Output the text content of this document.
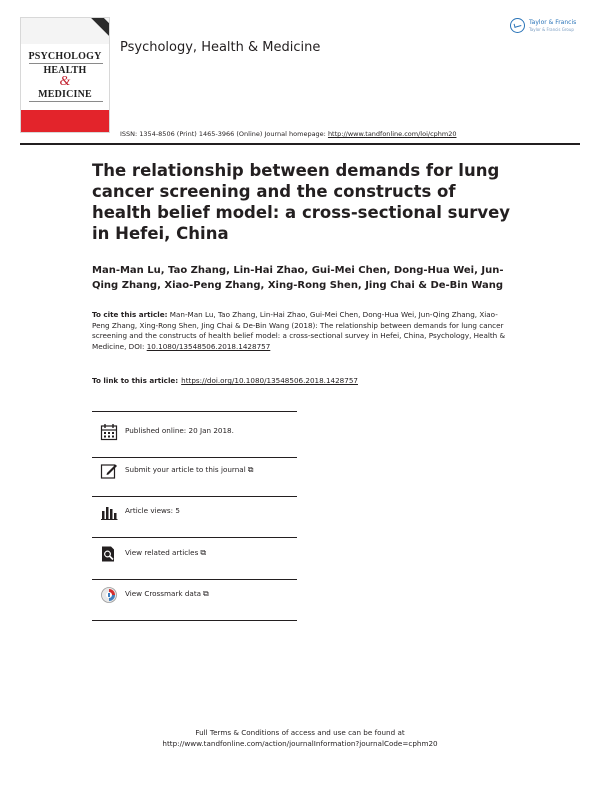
PSYCHOLOGY
HEALTH
&
MEDICINE
Psychology, Health & Medicine
Taylor & Francis
Taylor & Francis Group
ISSN: 1354-8506 (Print) 1465-3966 (Online) Journal homepage: http://www.tandfonline.com/loi/cphm20
The relationship between demands for lung cancer screening and the constructs of health belief model: a cross-sectional survey in Hefei, China
Man-Man Lu, Tao Zhang, Lin-Hai Zhao, Gui-Mei Chen, Dong-Hua Wei, Jun-Qing Zhang, Xiao-Peng Zhang, Xing-Rong Shen, Jing Chai & De-Bin Wang
To cite this article: Man-Man Lu, Tao Zhang, Lin-Hai Zhao, Gui-Mei Chen, Dong-Hua Wei, Jun-Qing Zhang, Xiao-Peng Zhang, Xing-Rong Shen, Jing Chai & De-Bin Wang (2018): The relationship between demands for lung cancer screening and the constructs of health belief model: a cross-sectional survey in Hefei, China, Psychology, Health & Medicine, DOI: 10.1080/13548506.2018.1428757
To link to this article: https://doi.org/10.1080/13548506.2018.1428757
Published online: 20 Jan 2018.
Submit your article to this journal ⧉
Article views: 5
View related articles ⧉
View Crossmark data ⧉
Full Terms & Conditions of access and use can be found at
http://www.tandfonline.com/action/journalInformation?journalCode=cphm20
